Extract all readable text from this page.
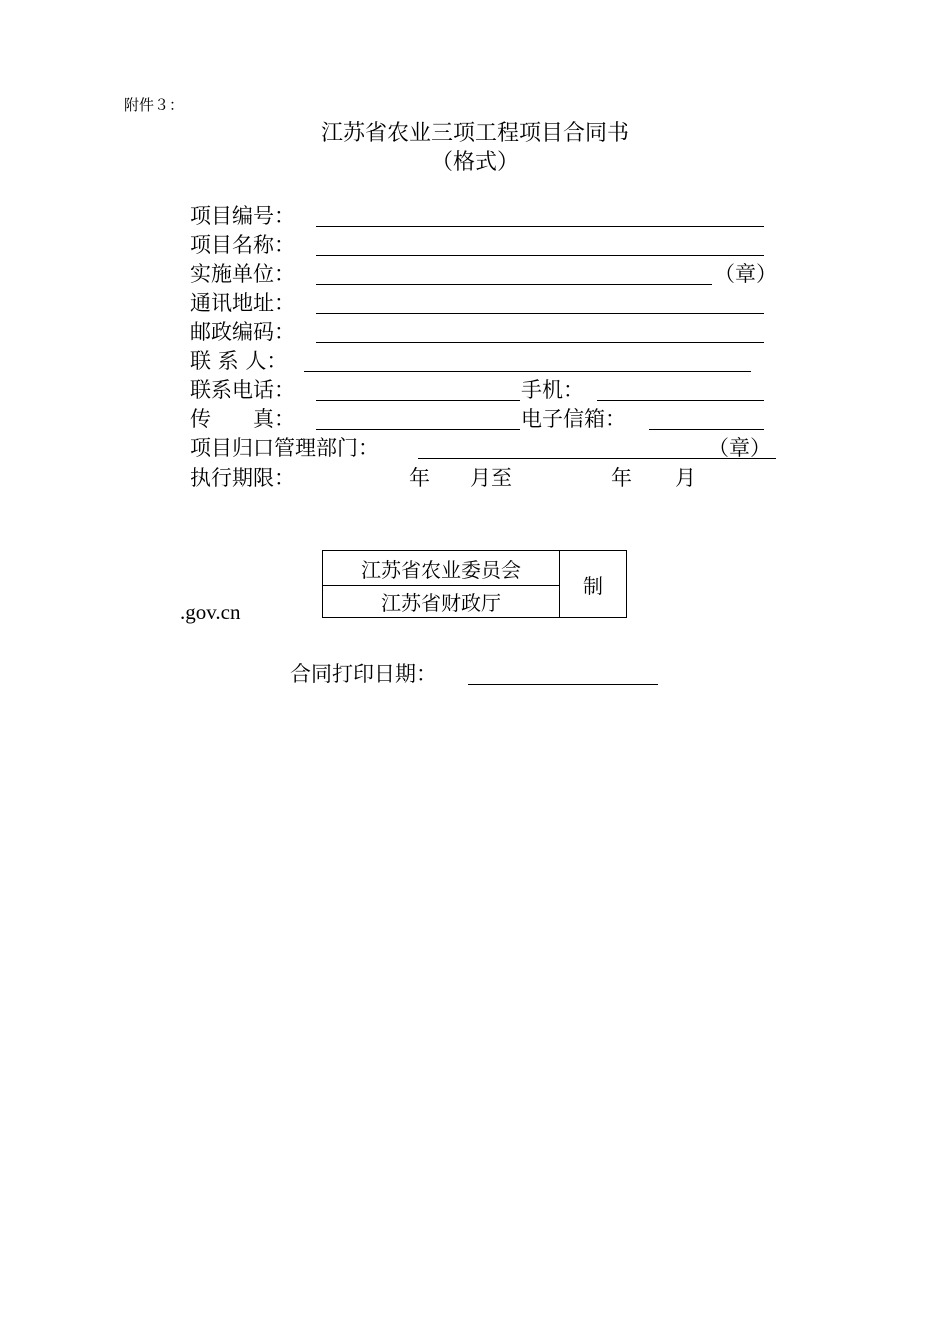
附件３：
江苏省农业三项工程项目合同书
（格式）
项目编号：
项目名称：
实施单位：	（章）
通讯地址：
邮政编码：
联 系 人：
联系电话：	手机：
传　　真：	电子信箱：
项目归口管理部门：	（章）
执行期限：	年 月至	年 月
江苏省农业委员会	制
江苏省财政厅
.gov.cn
合同打印日期：
